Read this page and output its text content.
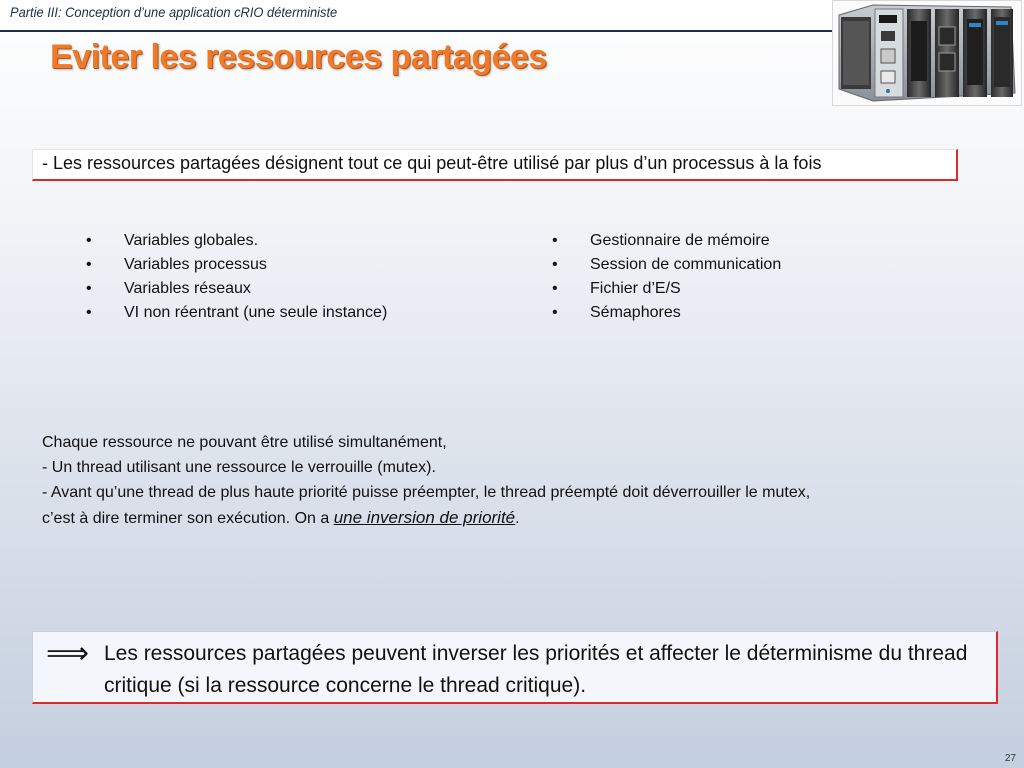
Partie III: Conception d’une application cRIO déterministe
Eviter les ressources partagées
- Les ressources partagées désignent tout ce qui peut-être utilisé par plus d’un processus à la fois
• Variables globales.
• Variables processus
• Variables réseaux
• VI non réentrant (une seule instance)
• Gestionnaire de mémoire
• Session de communication
• Fichier d’E/S
• Sémaphores
Chaque ressource ne pouvant être utilisé simultanément,
- Un thread utilisant une ressource le verrouille (mutex).
- Avant qu’une thread de plus haute priorité puisse préempter, le thread préempté doit déverrouiller le mutex,
c’est à dire terminer son exécution. On a une inversion de priorité.
⟹ Les ressources partagées peuvent inverser les priorités et affecter le déterminisme du thread critique (si la ressource concerne le thread critique).
27
